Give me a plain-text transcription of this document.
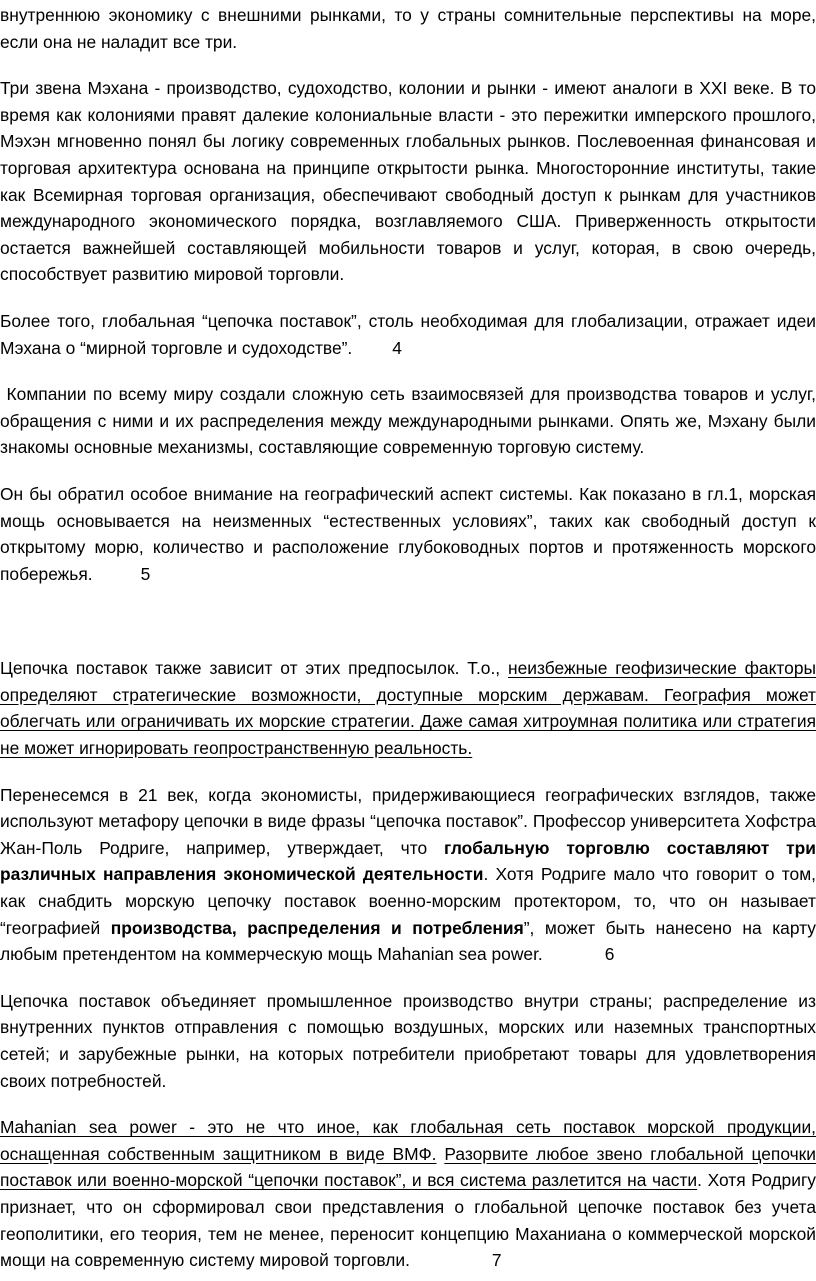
внутреннюю экономику с внешними рынками, то у страны сомнительные перспективы на море, если она не наладит все три.

Три звена Мэхана - производство, судоходство, колонии и рынки - имеют аналоги в XXI веке. В то время как колониями правят далекие колониальные власти - это пережитки имперского прошлого, Мэхэн мгновенно понял бы логику современных глобальных рынков. Послевоенная финансовая и торговая архитектура основана на принципе открытости рынка. Многосторонние институты, такие как Всемирная торговая организация, обеспечивают свободный доступ к рынкам для участников международного экономического порядка, возглавляемого США. Приверженность открытости остается важнейшей составляющей мобильности товаров и услуг, которая, в свою очередь, способствует развитию мировой торговли.

Более того, глобальная “цепочка поставок”, столь необходимая для глобализации, отражает идеи Мэхана о “мирной торговле и судоходстве”. 4

Компании по всему миру создали сложную сеть взаимосвязей для производства товаров и услуг, обращения с ними и их распределения между международными рынками. Опять же, Мэхану были знакомы основные механизмы, составляющие современную торговую систему.

Он бы обратил особое внимание на географический аспект системы. Как показано в гл.1, морская мощь основывается на неизменных “естественных условиях”, таких как свободный доступ к открытому морю, количество и расположение глубоководных портов и протяженность морского побережья.	5

Цепочка поставок также зависит от этих предпосылок. Т.о., неизбежные геофизические факторы определяют стратегические возможности, доступные морским державам. География может облегчать или ограничивать их морские стратегии. Даже самая хитроумная политика или стратегия не может игнорировать геопространственную реальность.

Перенесемся в 21 век, когда экономисты, придерживающиеся географических взглядов, также используют метафору цепочки в виде фразы “цепочка поставок”. Профессор университета Хофстра Жан-Поль Родриге, например, утверждает, что глобальную торговлю составляют три различных направления экономической деятельности. Хотя Родриге мало что говорит о том, как снабдить морскую цепочку поставок военно-морским протектором, то, что он называет “географией производства, распределения и потребления”, может быть нанесено на карту любым претендентом на коммерческую мощь Mahanian sea power.	6

Цепочка поставок объединяет промышленное производство внутри страны; распределение из внутренних пунктов отправления с помощью воздушных, морских или наземных транспортных сетей; и зарубежные рынки, на которых потребители приобретают товары для удовлетворения своих потребностей.

Mahanian sea power - это не что иное, как глобальная сеть поставок морской продукции, оснащенная собственным защитником в виде ВМФ. Разорвите любое звено глобальной цепочки поставок или военно-морской “цепочки поставок”, и вся система разлетится на части. Хотя Родригу признает, что он сформировал свои представления о глобальной цепочке поставок без учета геополитики, его теория, тем не менее, переносит концепцию Маханиана о коммерческой морской мощи на современную систему мировой торговли.	7
